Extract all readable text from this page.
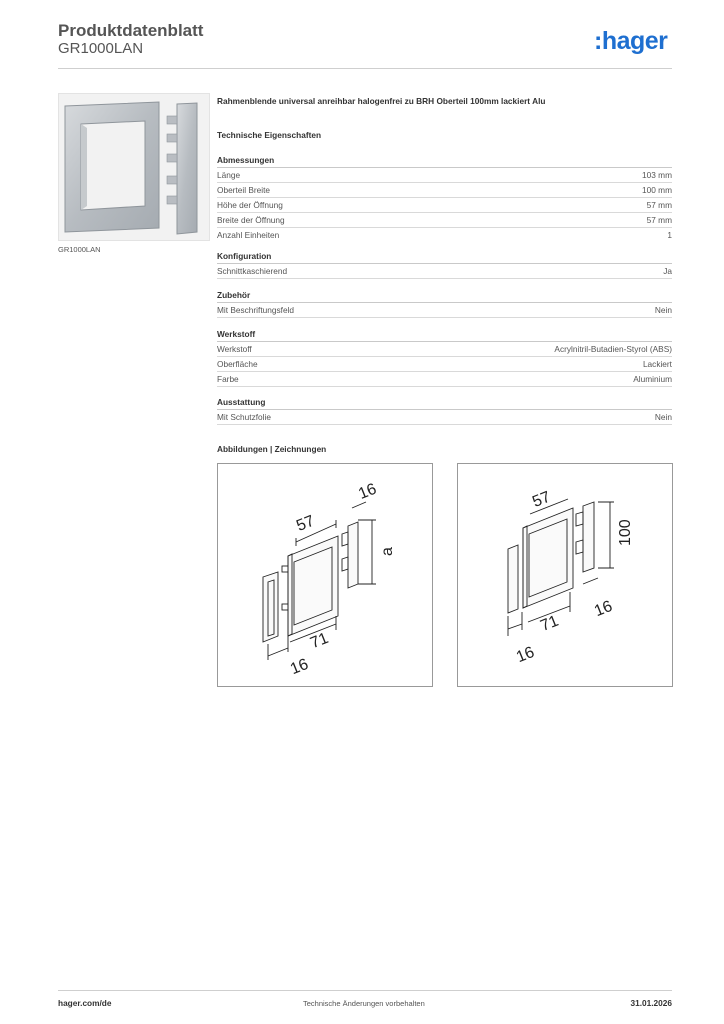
Produktdatenblatt
GR1000LAN	:hager
GR1000LAN
Rahmenblende universal anreihbar halogenfrei zu BRH Oberteil 100mm lackiert Alu
Technische Eigenschaften
Abmessungen
Länge	103 mm
Oberteil Breite	100 mm
Höhe der Öffnung	57 mm
Breite der Öffnung	57 mm
Anzahl Einheiten	1
Konfiguration
Schnittkaschierend	Ja
Zubehör
Mit Beschriftungsfeld	Nein
Werkstoff
Werkstoff	Acrylnitril-Butadien-Styrol (ABS)
Oberfläche	Lackiert
Farbe	Aluminium
Ausstattung
Mit Schutzfolie	Nein
Abbildungen | Zeichnungen
57
16
a
71
16
57
100
71
16
16
hager.com/de	Technische Änderungen vorbehalten	31.01.2026
